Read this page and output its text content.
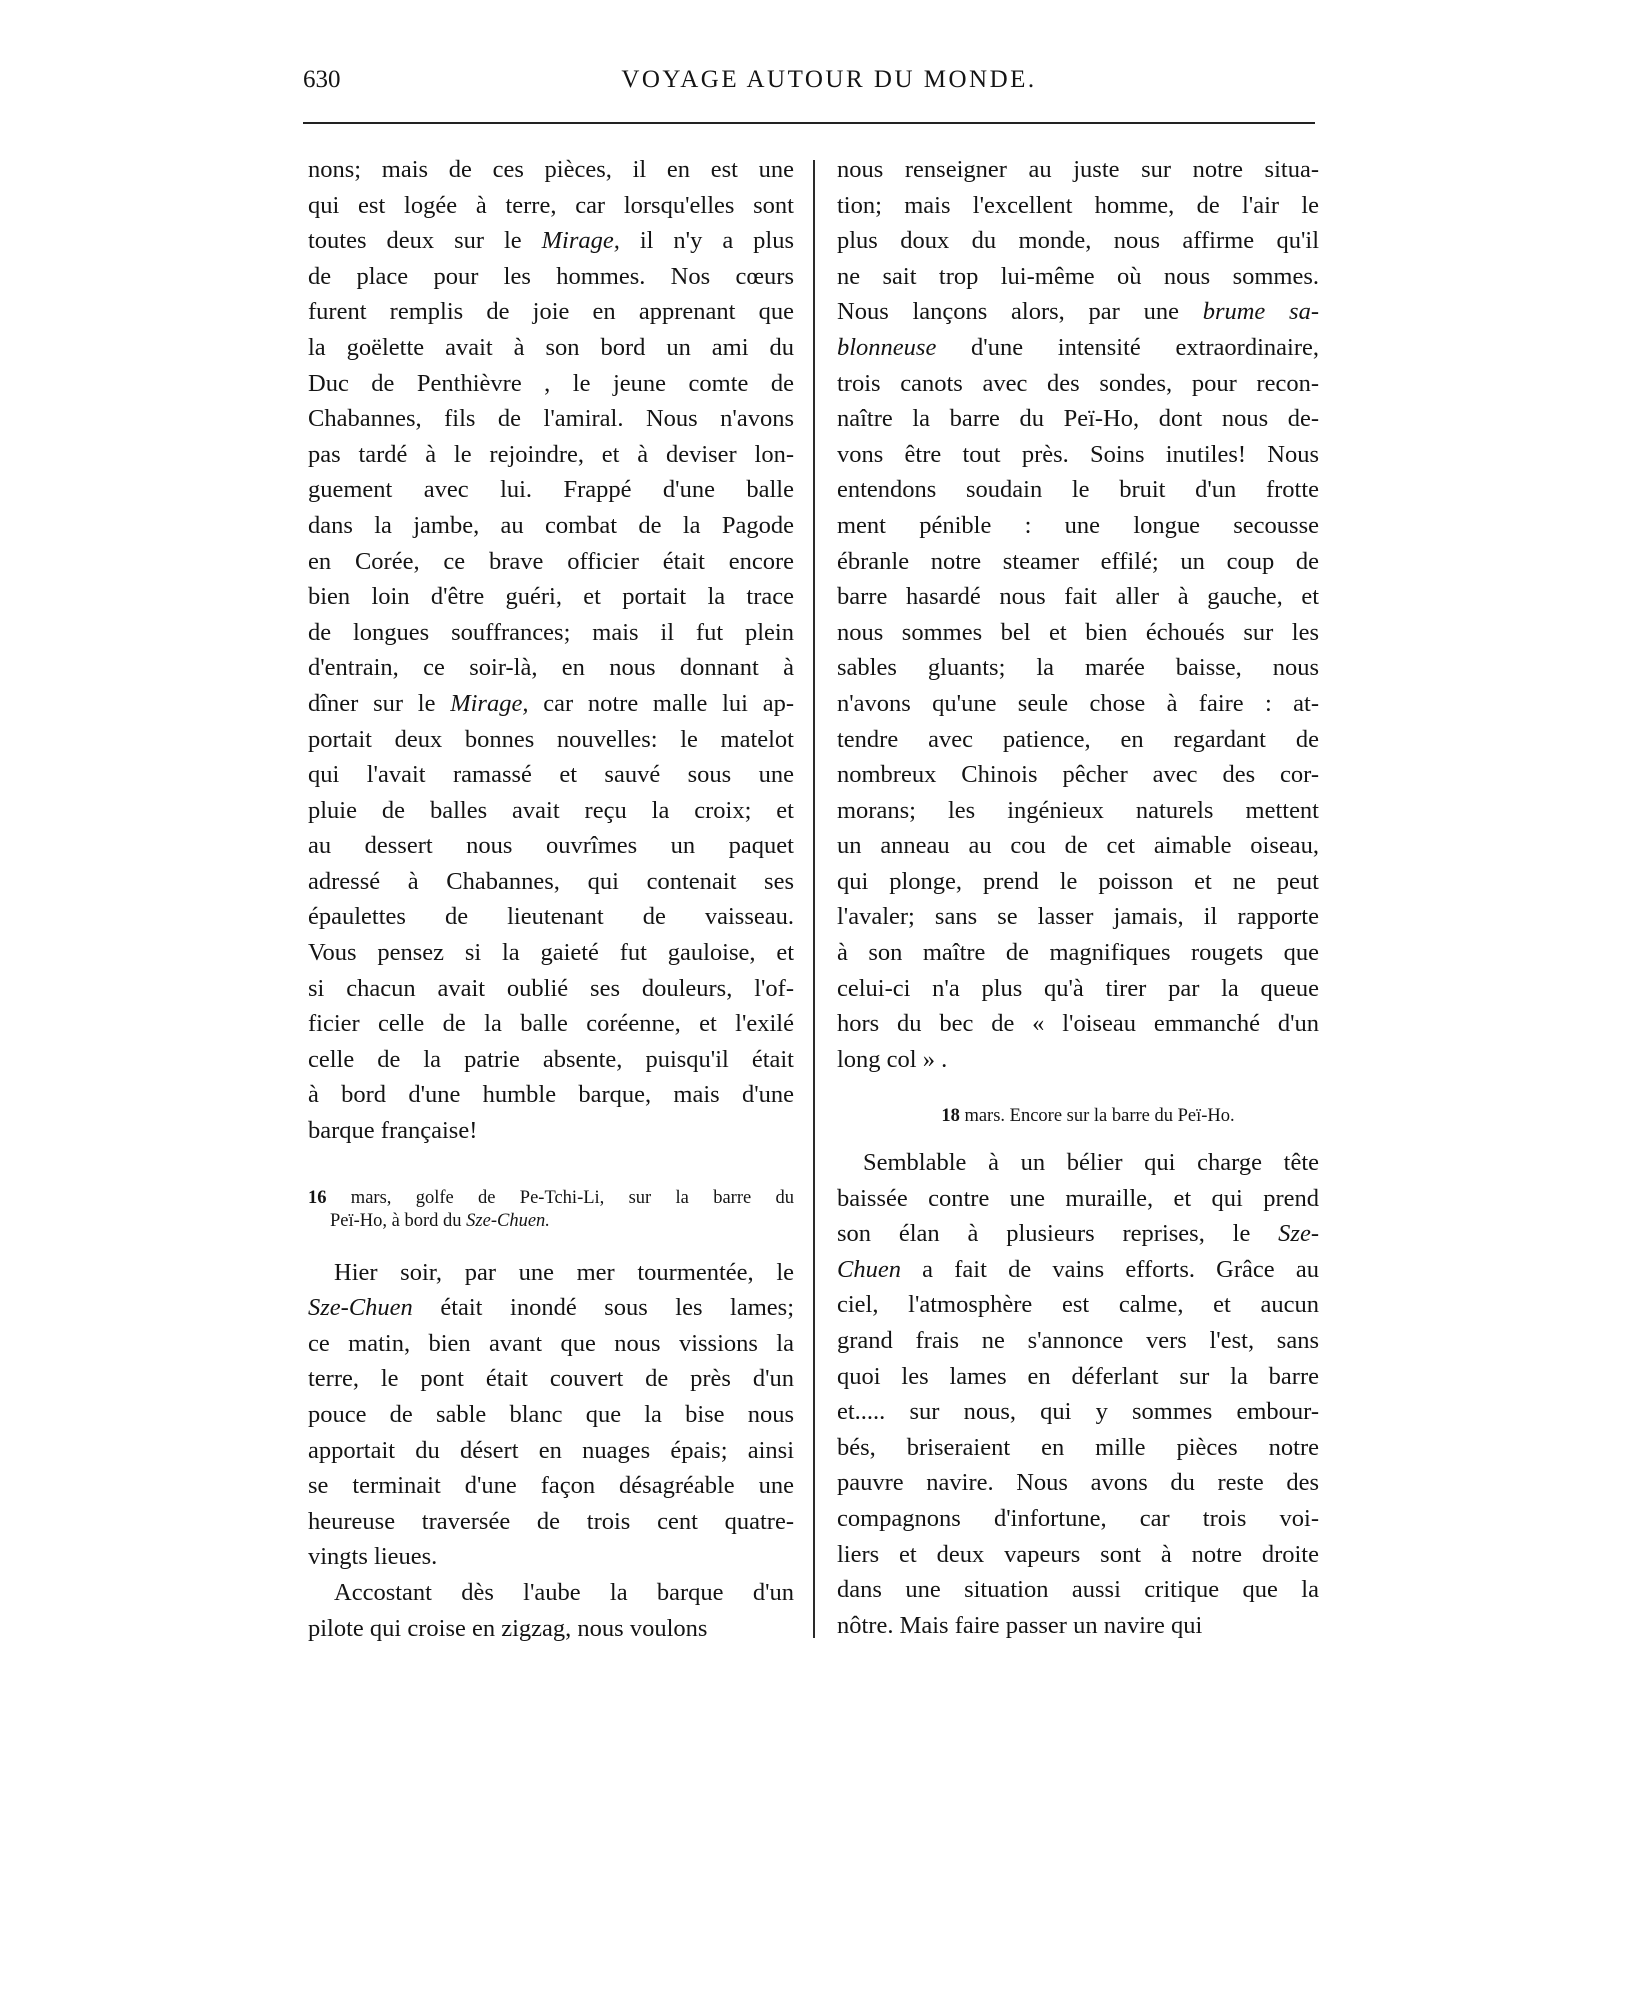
630	VOYAGE AUTOUR DU MONDE.
nons; mais de ces pièces, il en est une
qui est logée à terre, car lorsqu'elles sont
toutes deux sur le Mirage, il n'y a plus
de place pour les hommes. Nos cœurs
furent remplis de joie en apprenant que
la goëlette avait à son bord un ami du
Duc de Penthièvre , le jeune comte de
Chabannes, fils de l'amiral. Nous n'avons
pas tardé à le rejoindre, et à deviser lon-
guement avec lui. Frappé d'une balle
dans la jambe, au combat de la Pagode
en Corée, ce brave officier était encore
bien loin d'être guéri, et portait la trace
de longues souffrances; mais il fut plein
d'entrain, ce soir-là, en nous donnant à
dîner sur le Mirage, car notre malle lui ap-
portait deux bonnes nouvelles: le matelot
qui l'avait ramassé et sauvé sous une
pluie de balles avait reçu la croix; et
au dessert nous ouvrîmes un paquet
adressé à Chabannes, qui contenait ses
épaulettes de lieutenant de vaisseau.
Vous pensez si la gaieté fut gauloise, et
si chacun avait oublié ses douleurs, l'of-
ficier celle de la balle coréenne, et l'exilé
celle de la patrie absente, puisqu'il était
à bord d'une humble barque, mais d'une
barque française!
16 mars, golfe de Pe-Tchi-Li, sur la barre du
Peï-Ho, à bord du Sze-Chuen.
Hier soir, par une mer tourmentée, le
Sze-Chuen était inondé sous les lames;
ce matin, bien avant que nous vissions la
terre, le pont était couvert de près d'un
pouce de sable blanc que la bise nous
apportait du désert en nuages épais; ainsi
se terminait d'une façon désagréable une
heureuse traversée de trois cent quatre-
vingts lieues.
Accostant dès l'aube la barque d'un
pilote qui croise en zigzag, nous voulons
nous renseigner au juste sur notre situa-
tion; mais l'excellent homme, de l'air le
plus doux du monde, nous affirme qu'il
ne sait trop lui-même où nous sommes.
Nous lançons alors, par une brume sa-
blonneuse d'une intensité extraordinaire,
trois canots avec des sondes, pour recon-
naître la barre du Peï-Ho, dont nous de-
vons être tout près. Soins inutiles! Nous
entendons soudain le bruit d'un frotte
ment pénible : une longue secousse
ébranle notre steamer effilé; un coup de
barre hasardé nous fait aller à gauche, et
nous sommes bel et bien échoués sur les
sables gluants; la marée baisse, nous
n'avons qu'une seule chose à faire : at-
tendre avec patience, en regardant de
nombreux Chinois pêcher avec des cor-
morans; les ingénieux naturels mettent
un anneau au cou de cet aimable oiseau,
qui plonge, prend le poisson et ne peut
l'avaler; sans se lasser jamais, il rapporte
à son maître de magnifiques rougets que
celui-ci n'a plus qu'à tirer par la queue
hors du bec de « l'oiseau emmanché d'un
long col » .
18 mars. Encore sur la barre du Peï-Ho.
Semblable à un bélier qui charge tête
baissée contre une muraille, et qui prend
son élan à plusieurs reprises, le Sze-
Chuen a fait de vains efforts. Grâce au
ciel, l'atmosphère est calme, et aucun
grand frais ne s'annonce vers l'est, sans
quoi les lames en déferlant sur la barre
et..... sur nous, qui y sommes embour-
bés, briseraient en mille pièces notre
pauvre navire. Nous avons du reste des
compagnons d'infortune, car trois voi-
liers et deux vapeurs sont à notre droite
dans une situation aussi critique que la
nôtre. Mais faire passer un navire qui
